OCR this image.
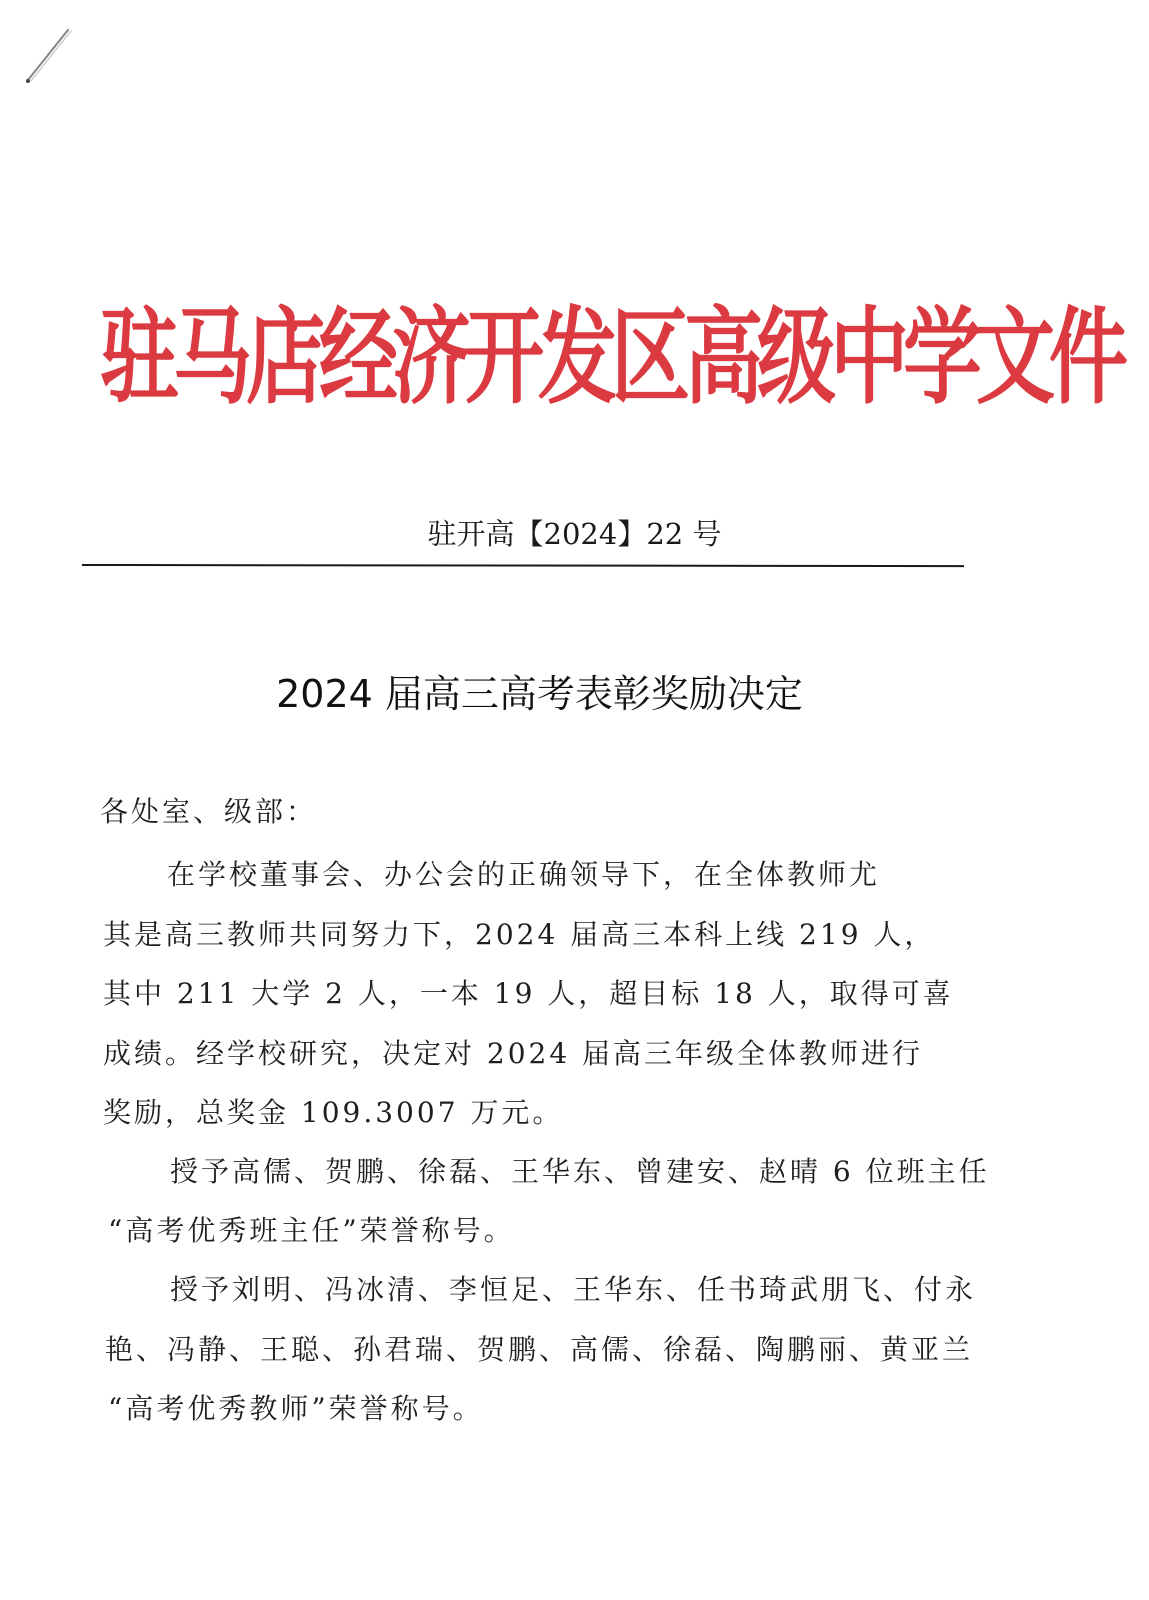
驻马店经济开发区高级中学文件
驻开高【2024】22 号
2024 届高三高考表彰奖励决定
各处室、级部：
在学校董事会、办公会的正确领导下，在全体教师尤
其是高三教师共同努力下，2024 届高三本科上线 219 人，
其中 211 大学 2 人，一本 19 人，超目标 18 人，取得可喜
成绩。经学校研究，决定对 2024 届高三年级全体教师进行
奖励，总奖金 109.3007 万元。
授予高儒、贺鹏、徐磊、王华东、曾建安、赵晴 6 位班主任
“高考优秀班主任”荣誉称号。
授予刘明、冯冰清、李恒足、王华东、任书琦武朋飞、付永
艳、冯静、王聪、孙君瑞、贺鹏、高儒、徐磊、陶鹏丽、黄亚兰
“高考优秀教师”荣誉称号。
